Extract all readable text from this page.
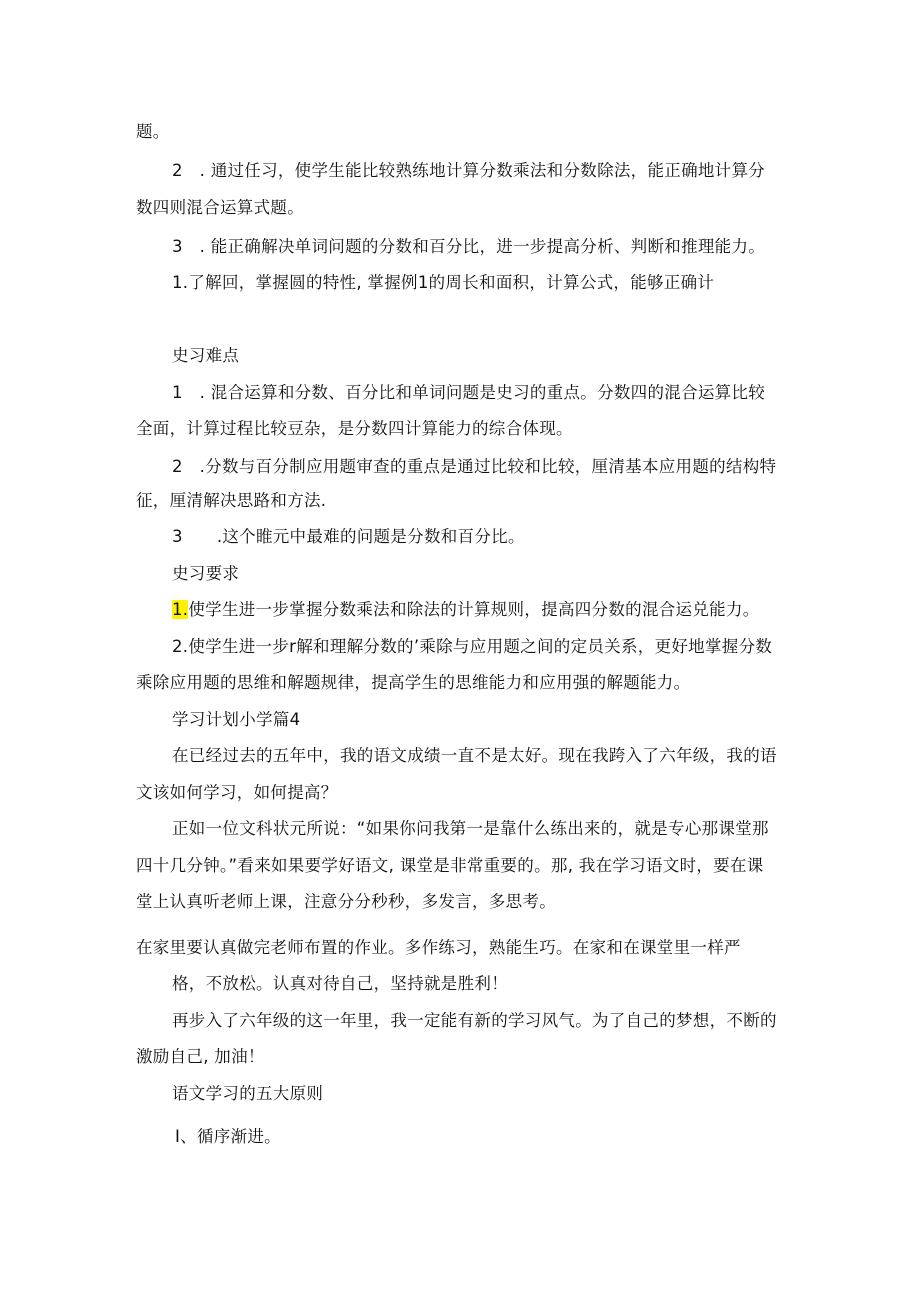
题。
2　. 通过任习，使学生能比较熟练地计算分数乘法和分数除法，能正确地计算分
数四则混合运算式题。
3　. 能正确解决单词问题的分数和百分比，进一步提高分析、判断和推理能力。
1.了解回，掌握圆的特性, 掌握例1的周长和面积，计算公式，能够正确计
史习难点
1　. 混合运算和分数、百分比和单词问题是史习的重点。分数四的混合运算比较
全面，计算过程比较豆杂，是分数四计算能力的综合体现。
2　.分数与百分制应用题审查的重点是通过比较和比较，厘清基本应用题的结构特
征，厘清解决思路和方法.
3 .这个睢元中最难的问题是分数和百分比。
史习要求
1.使学生进一步掌握分数乘法和除法的计算规则，提高四分数的混合运兑能力。
2.使学生进一步r解和理解分数的’乘除与应用题之间的定员关系，更好地掌握分数
乘除应用题的思维和解题规律，提高学生的思维能力和应用强的解题能力。
学习计划小学篇4
在已经过去的五年中，我的语文成绩一直不是太好。现在我跨入了六年级，我的语
文该如何学习，如何提高？
正如一位文科状元所说：“如果你问我第一是靠什么练出来的，就是专心那课堂那
四十几分钟。”看来如果要学好语文, 课堂是非常重要的。那, 我在学习语文时，要在课
堂上认真听老师上课，注意分分秒秒，多发言，多思考。
在家里要认真做完老师布置的作业。多作练习，熟能生巧。在家和在课堂里一样严
格，不放松。认真对待自己，坚持就是胜利！
再步入了六年级的这一年里，我一定能有新的学习风气。为了自己的梦想，不断的
激励自己, 加油！
语文学习的五大原则
I、循序渐进。
